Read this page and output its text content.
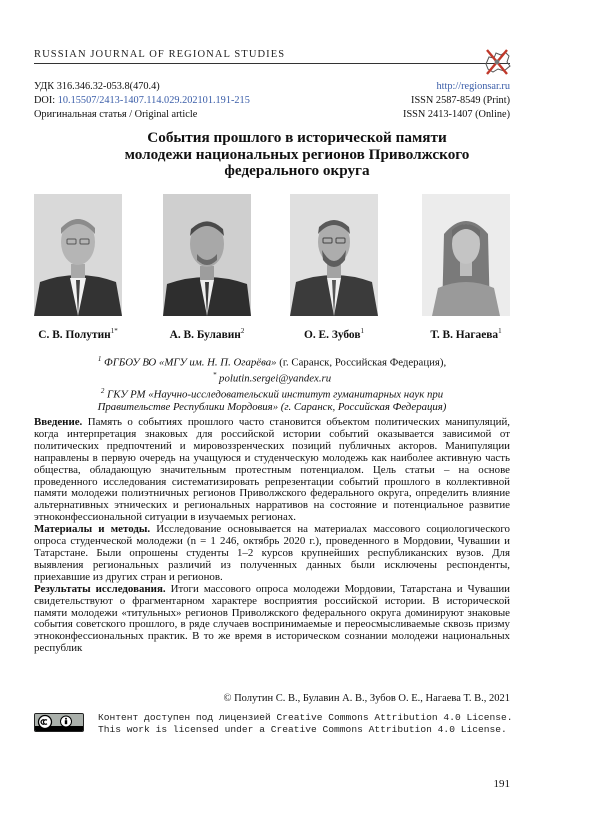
RUSSIAN JOURNAL OF REGIONAL STUDIES
УДК 316.346.32-053.8(470.4)
DOI: 10.15507/2413-1407.114.029.202101.191-215
Оригинальная статья / Original article
http://regionsar.ru
ISSN 2587-8549 (Print)
ISSN 2413-1407 (Online)
События прошлого в исторической памяти
молодежи национальных регионов Приволжского
федерального округа
С. В. Полутин$^{1*}$	А. В. Булавин$^2$	О. Е. Зубов$^1$	Т. В. Нагаева$^1$
$^1$ ФГБОУ ВО «МГУ им. Н. П. Огарёва» (г. Саранск, Российская Федерация),
* polutin.sergei@yandex.ru
$^2$ ГКУ РМ «Научно-исследовательский институт гуманитарных наук при
Правительстве Республики Мордовия» (г. Саранск, Российская Федерация)

Введение. Память о событиях прошлого часто становится объектом политических манипуляций, когда интерпретация знаковых для российской истории событий оказывается зависимой от политических предпочтений и мировоззренческих позиций публичных акторов. Манипуляции направлены в первую очередь на учащуюся и студенческую молодежь как наиболее активную часть общества, обладающую значительным протестным потенциалом. Цель статьи – на основе проведенного исследования систематизировать репрезентации событий прошлого в коллективной памяти молодежи полиэтничных регионов Приволжского федерального округа, определить влияние альтернативных этнических и региональных нарративов на состояние и потенциальное развитие этноконфессиональной ситуации в изучаемых регионах.

Материалы и методы. Исследование основывается на материалах массового социологического опроса студенческой молодежи (n = 1 246, октябрь 2020 г.), проведенного в Мордовии, Чувашии и Татарстане. Были опрошены студенты 1–2 курсов крупнейших республиканских вузов. Для выявления региональных различий из полученных данных были исключены респонденты, приехавшие из других стран и регионов.

Результаты исследования. Итоги массового опроса молодежи Мордовии, Татарстана и Чувашии свидетельствуют о фрагментарном характере восприятия российской истории. В исторической памяти молодежи «титульных» регионов Приволжского федерального округа доминируют знаковые события советского прошлого, в ряде случаев воспринимаемые и переосмысливаемые сквозь призму этноконфессиональных практик. В то же время в историческом сознании молодежи национальных республик

© Полутин С. В., Булавин А. В., Зубов О. Е., Нагаева Т. В., 2021
Контент доступен под лицензией Creative Commons Attribution 4.0 License.
This work is licensed under a Creative Commons Attribution 4.0 License.
191
